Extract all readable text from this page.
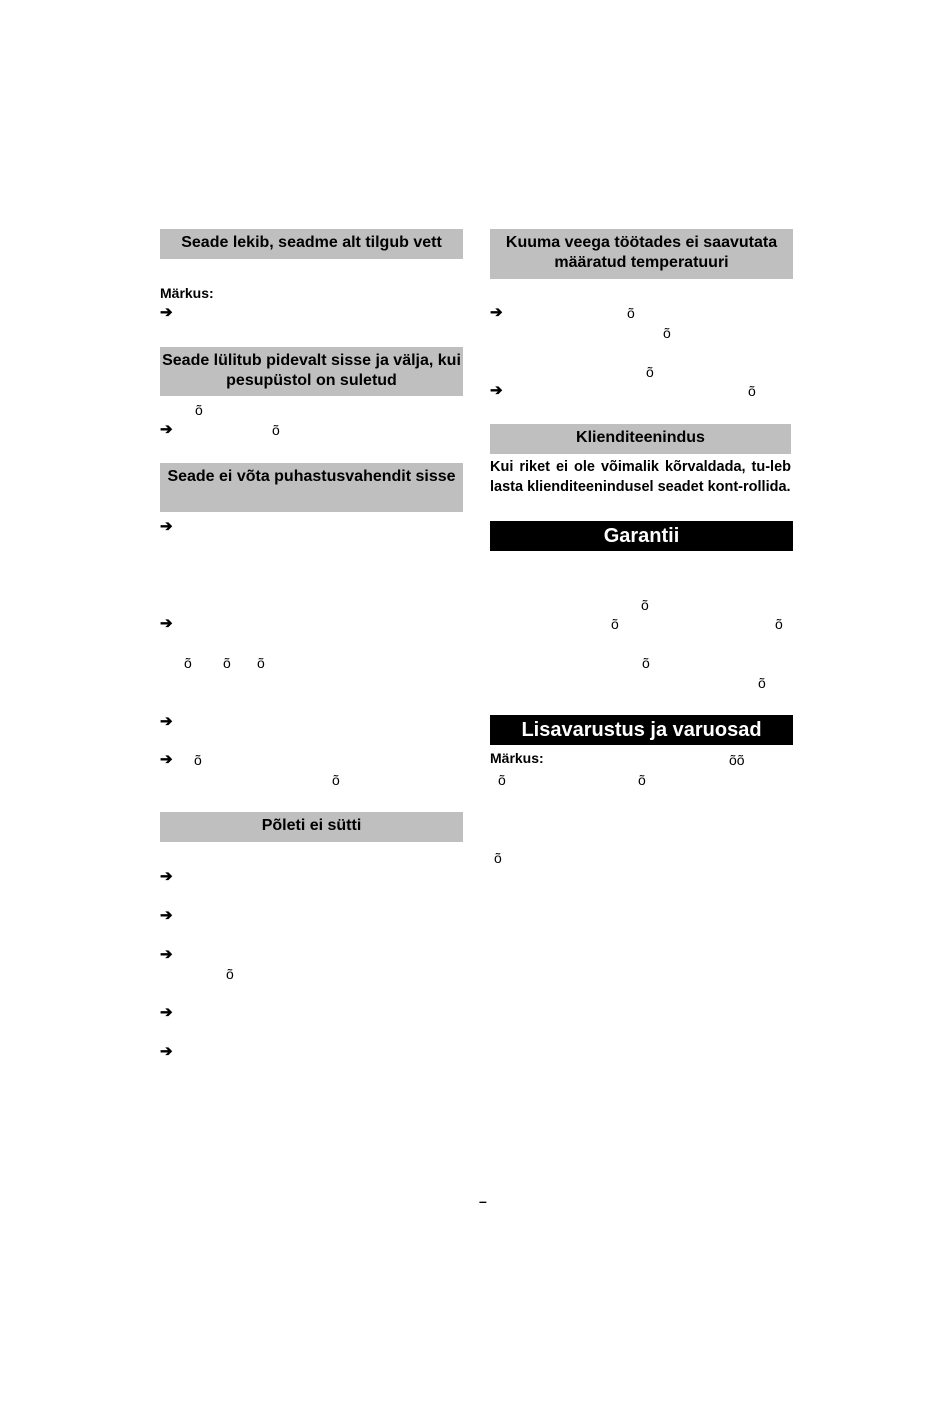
Seade lekib, seadme alt tilgub vett
Märkus:
➔
Seade lülitub pidevalt sisse ja välja, kui pesupüstol on suletud
õ
➔	õ
Seade ei võta puhastusvahendit sisse
➔
➔
õ õ õ
➔
➔ õ
õ
Põleti ei sütti
➔
➔
➔
õ
➔
➔
Kuuma veega töötades ei saavutata määratud temperatuuri
➔	õ
õ
õ
➔	õ
Klienditeenindus
Kui riket ei ole võimalik kõrvaldada, tu-leb lasta klienditeenindusel seadet kont-rollida.
Garantii
õ
õ	õ
õ
õ
Lisavarustus ja varuosad
Märkus:	õõ
õ	õ
õ
–
